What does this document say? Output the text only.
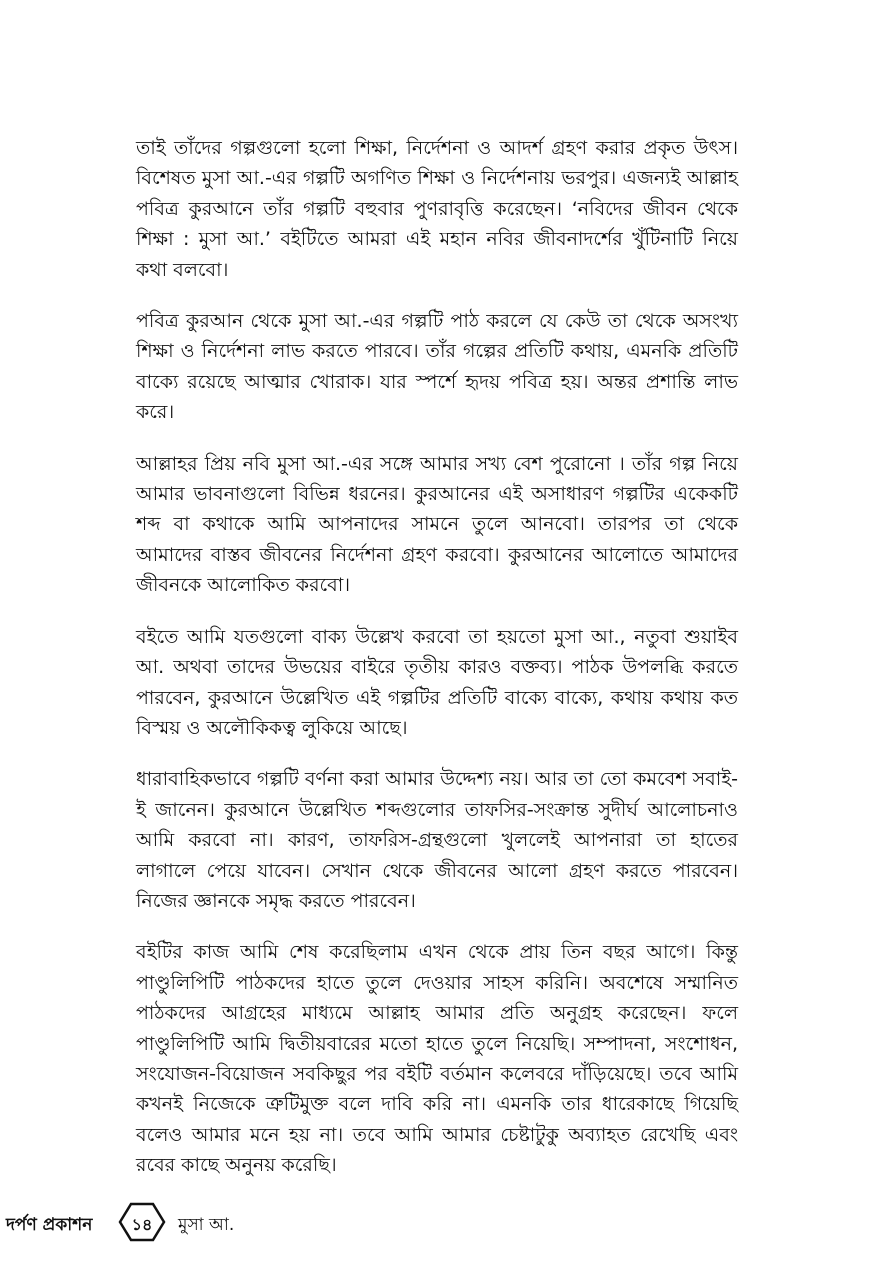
তাই তাঁদের গল্পগুলো হলো শিক্ষা, নির্দেশনা ও আদর্শ গ্রহণ করার প্রকৃত উৎস। বিশেষত মুসা আ.-এর গল্পটি অগণিত শিক্ষা ও নির্দেশনায় ভরপুর। এজন্যই আল্লাহ পবিত্র কুরআনে তাঁর গল্পটি বহুবার পুণরাবৃত্তি করেছেন। ‘নবিদের জীবন থেকে শিক্ষা : মুসা আ.’ বইটিতে আমরা এই মহান নবির জীবনাদর্শের খুঁটিনাটি নিয়ে কথা বলবো।

পবিত্র কুরআন থেকে মুসা আ.-এর গল্পটি পাঠ করলে যে কেউ তা থেকে অসংখ্য শিক্ষা ও নির্দেশনা লাভ করতে পারবে। তাঁর গল্পের প্রতিটি কথায়, এমনকি প্রতিটি বাক্যে রয়েছে আত্মার খোরাক। যার স্পর্শে হৃদয় পবিত্র হয়। অন্তর প্রশান্তি লাভ করে।

আল্লাহর প্রিয় নবি মুসা আ.-এর সঙ্গে আমার সখ্য বেশ পুরোনো । তাঁর গল্প নিয়ে আমার ভাবনাগুলো বিভিন্ন ধরনের। কুরআনের এই অসাধারণ গল্পটির একেকটি শব্দ বা কথাকে আমি আপনাদের সামনে তুলে আনবো। তারপর তা থেকে আমাদের বাস্তব জীবনের নির্দেশনা গ্রহণ করবো। কুরআনের আলোতে আমাদের জীবনকে আলোকিত করবো।

বইতে আমি যতগুলো বাক্য উল্লেখ করবো তা হয়তো মুসা আ., নতুবা শুয়াইব আ. অথবা তাদের উভয়ের বাইরে তৃতীয় কারও বক্তব্য। পাঠক উপলব্ধি করতে পারবেন, কুরআনে উল্লেখিত এই গল্পটির প্রতিটি বাক্যে বাক্যে, কথায় কথায় কত বিস্ময় ও অলৌকিকত্ব লুকিয়ে আছে।

ধারাবাহিকভাবে গল্পটি বর্ণনা করা আমার উদ্দেশ্য নয়। আর তা তো কমবেশ সবাই-ই জানেন। কুরআনে উল্লেখিত শব্দগুলোর তাফসির-সংক্রান্ত সুদীর্ঘ আলোচনাও আমি করবো না। কারণ, তাফরিস-গ্রন্থগুলো খুললেই আপনারা তা হাতের লাগালে পেয়ে যাবেন। সেখান থেকে জীবনের আলো গ্রহণ করতে পারবেন। নিজের জ্ঞানকে সমৃদ্ধ করতে পারবেন।

বইটির কাজ আমি শেষ করেছিলাম এখন থেকে প্রায় তিন বছর আগে। কিন্তু পাণ্ডুলিপিটি পাঠকদের হাতে তুলে দেওয়ার সাহস করিনি। অবশেষে সম্মানিত পাঠকদের আগ্রহের মাধ্যমে আল্লাহ আমার প্রতি অনুগ্রহ করেছেন। ফলে পাণ্ডুলিপিটি আমি দ্বিতীয়বারের মতো হাতে তুলে নিয়েছি। সম্পাদনা, সংশোধন, সংযোজন-বিয়োজন সবকিছুর পর বইটি বর্তমান কলেবরে দাঁড়িয়েছে। তবে আমি কখনই নিজেকে ত্রুটিমুক্ত বলে দাবি করি না। এমনকি তার ধারেকাছে গিয়েছি বলেও আমার মনে হয় না। তবে আমি আমার চেষ্টাটুকু অব্যাহত রেখেছি এবং রবের কাছে অনুনয় করেছি।

দর্পণ প্রকাশন	১৪	মুসা আ.
